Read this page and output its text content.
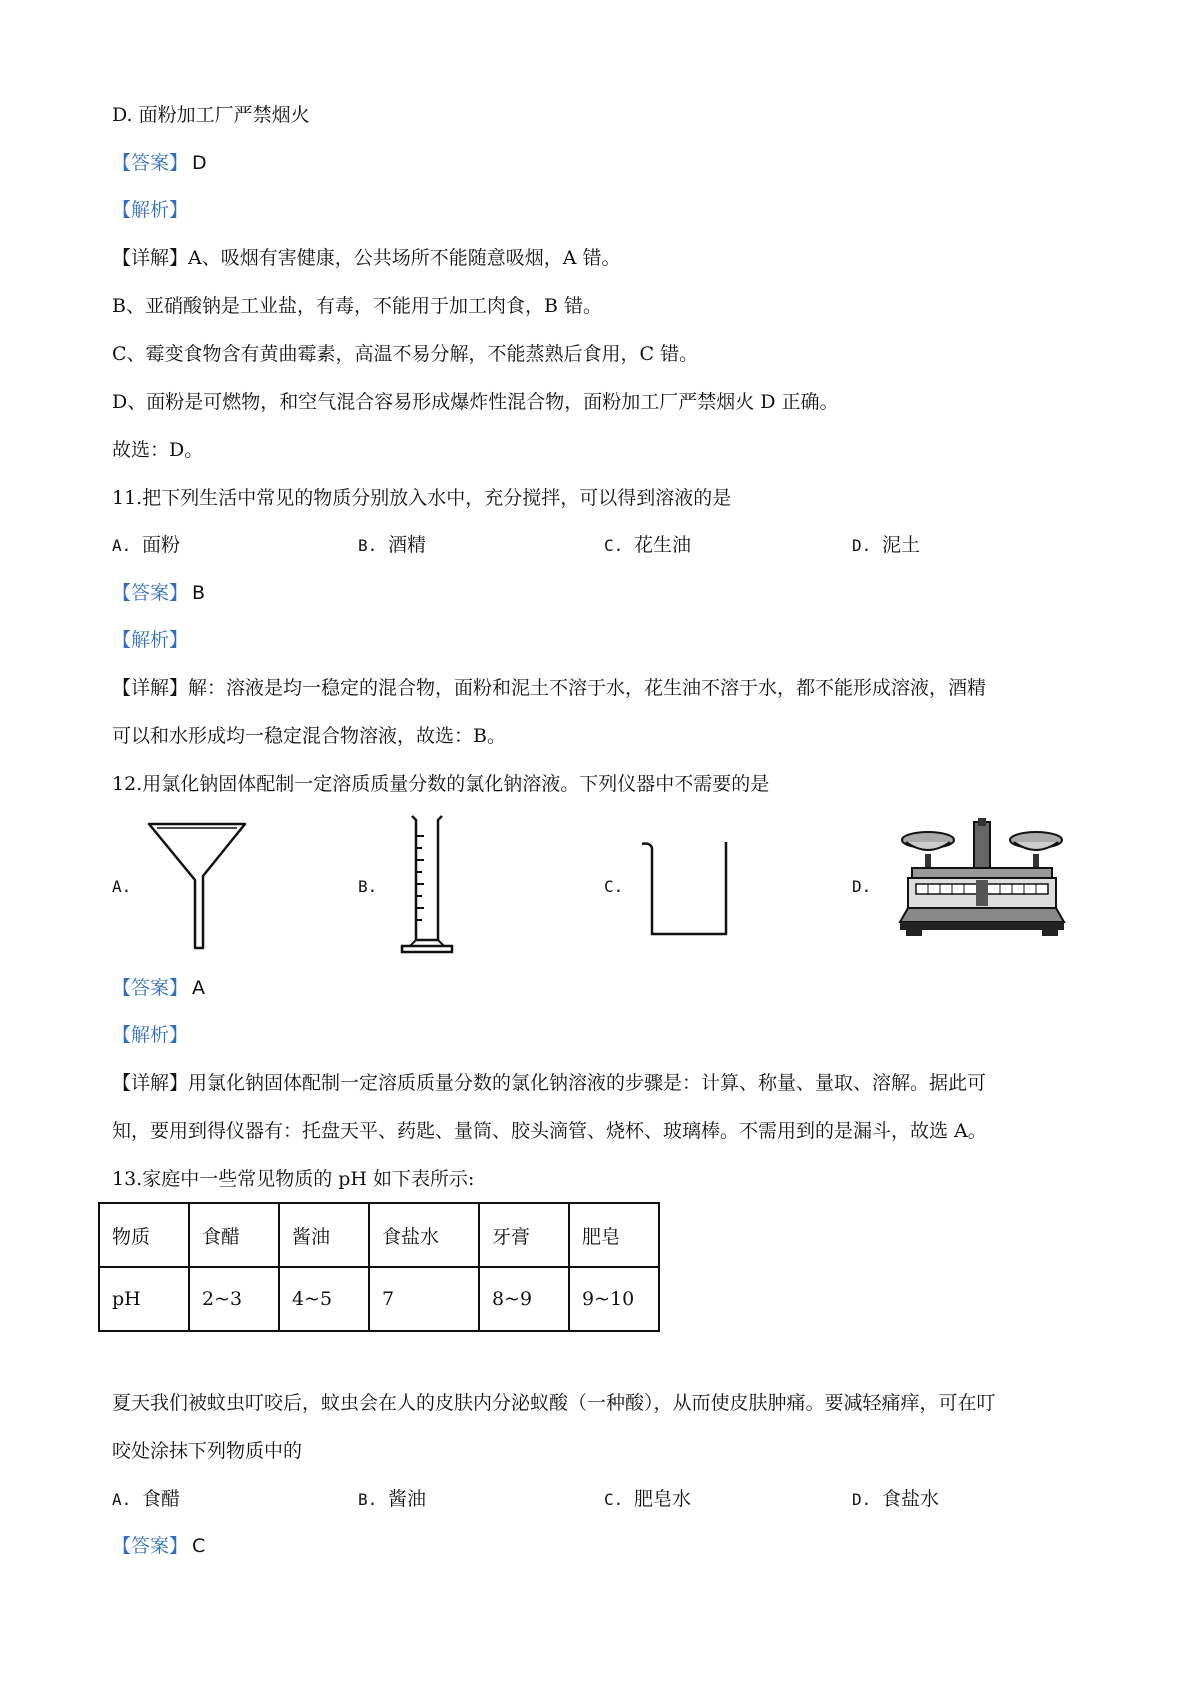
D. 面粉加工厂严禁烟火
【答案】 D
【解析】
【详解】A、吸烟有害健康，公共场所不能随意吸烟，A 错。
B、亚硝酸钠是工业盐，有毒，不能用于加工肉食，B 错。
C、霉变食物含有黄曲霉素，高温不易分解，不能蒸熟后食用，C 错。
D、面粉是可燃物，和空气混合容易形成爆炸性混合物，面粉加工厂严禁烟火 D 正确。
故选：D。
11.把下列生活中常见的物质分别放入水中，充分搅拌，可以得到溶液的是
A. 面粉	B. 酒精	C. 花生油	D. 泥土
【答案】 B
【解析】
【详解】解：溶液是均一稳定的混合物，面粉和泥土不溶于水，花生油不溶于水，都不能形成溶液，酒精
可以和水形成均一稳定混合物溶液，故选：B。
12.用氯化钠固体配制一定溶质质量分数的氯化钠溶液。下列仪器中不需要的是
A.	B.	C.	D.
【答案】 A
【解析】
【详解】用氯化钠固体配制一定溶质质量分数的氯化钠溶液的步骤是：计算、称量、量取、溶解。据此可
知，要用到得仪器有：托盘天平、药匙、量筒、胶头滴管、烧杯、玻璃棒。不需用到的是漏斗，故选 A。
13.家庭中一些常见物质的 pH 如下表所示:
物质	食醋	酱油	食盐水	牙膏	肥皂
pH	2~3	4~5	7	8~9	9~10
夏天我们被蚊虫叮咬后，蚊虫会在人的皮肤内分泌蚁酸（一种酸），从而使皮肤肿痛。要减轻痛痒，可在叮
咬处涂抹下列物质中的
A. 食醋	B. 酱油	C. 肥皂水	D. 食盐水
【答案】 C
